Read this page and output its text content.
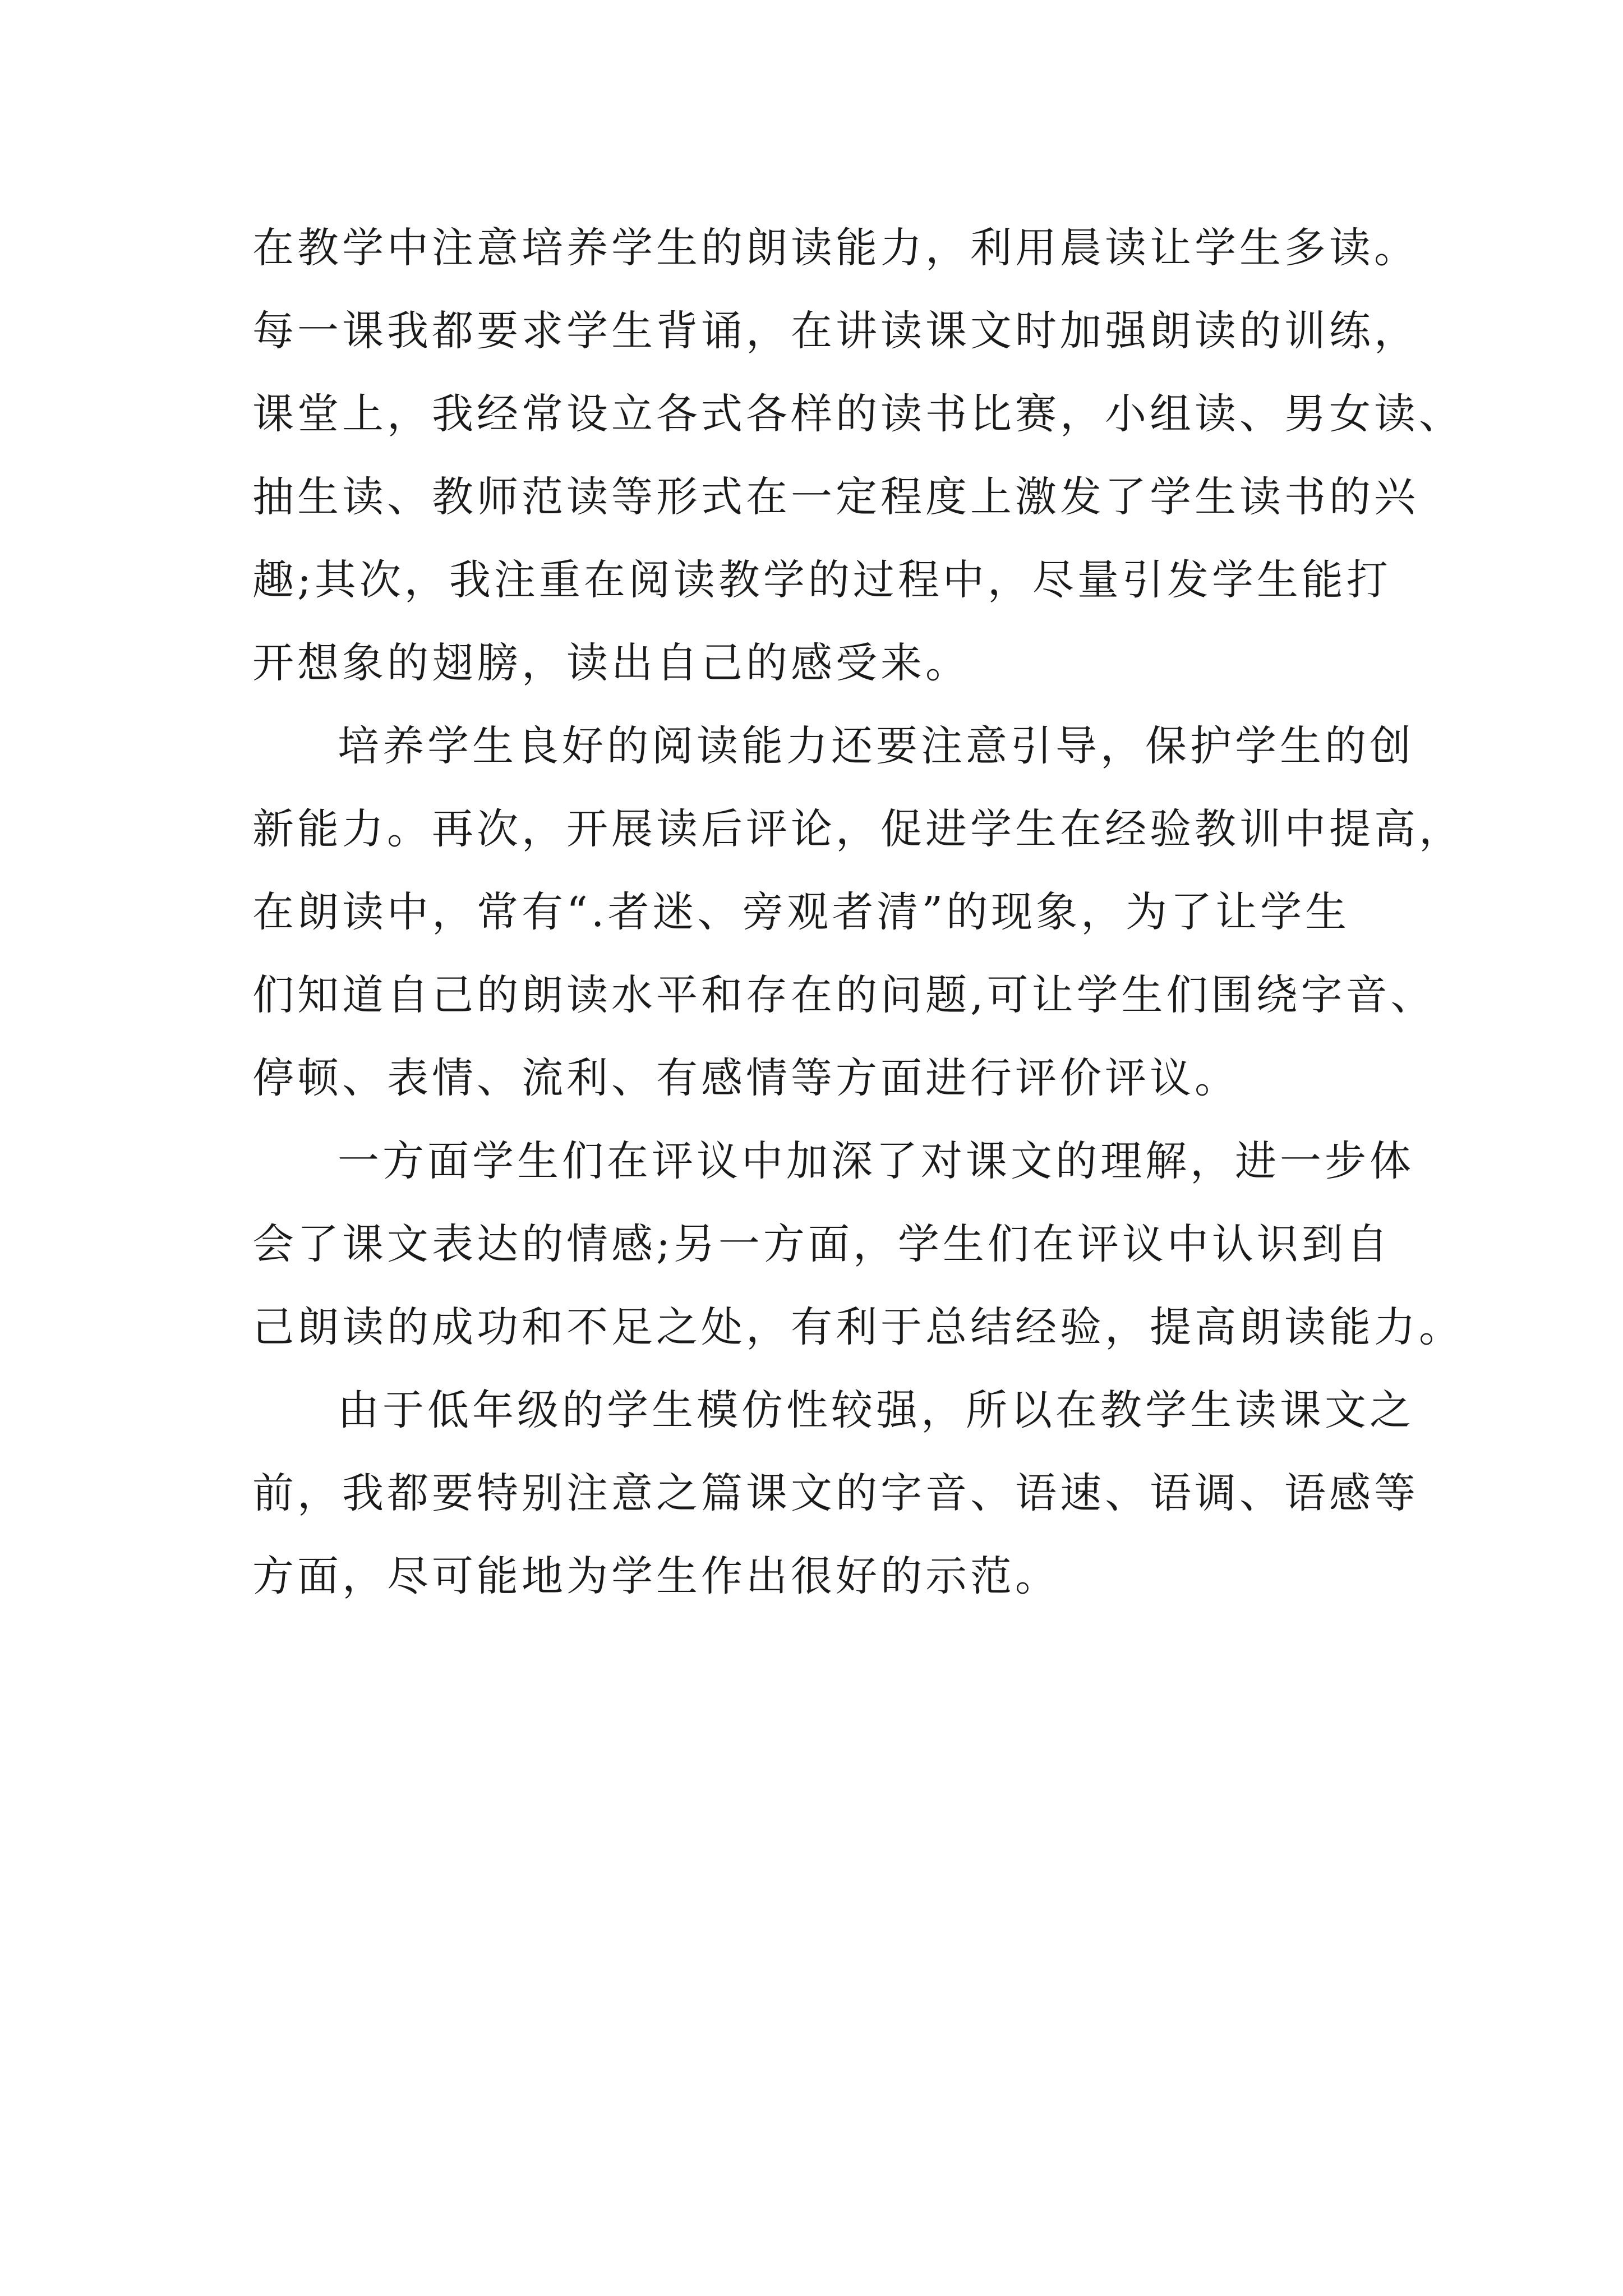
在教学中注意培养学生的朗读能力，利用晨读让学生多读。
每一课我都要求学生背诵，在讲读课文时加强朗读的训练，
课堂上，我经常设立各式各样的读书比赛，小组读、男女读、
抽生读、教师范读等形式在一定程度上激发了学生读书的兴
趣;其次，我注重在阅读教学的过程中，尽量引发学生能打
开想象的翅膀，读出自己的感受来。
培养学生良好的阅读能力还要注意引导，保护学生的创
新能力。再次，开展读后评论，促进学生在经验教训中提高，
在朗读中，常有“.者迷、旁观者清”的现象，为了让学生
们知道自己的朗读水平和存在的问题,可让学生们围绕字音、
停顿、表情、流利、有感情等方面进行评价评议。
一方面学生们在评议中加深了对课文的理解，进一步体
会了课文表达的情感;另一方面，学生们在评议中认识到自
己朗读的成功和不足之处，有利于总结经验，提高朗读能力。
由于低年级的学生模仿性较强，所以在教学生读课文之
前，我都要特别注意之篇课文的字音、语速、语调、语感等
方面，尽可能地为学生作出很好的示范。
